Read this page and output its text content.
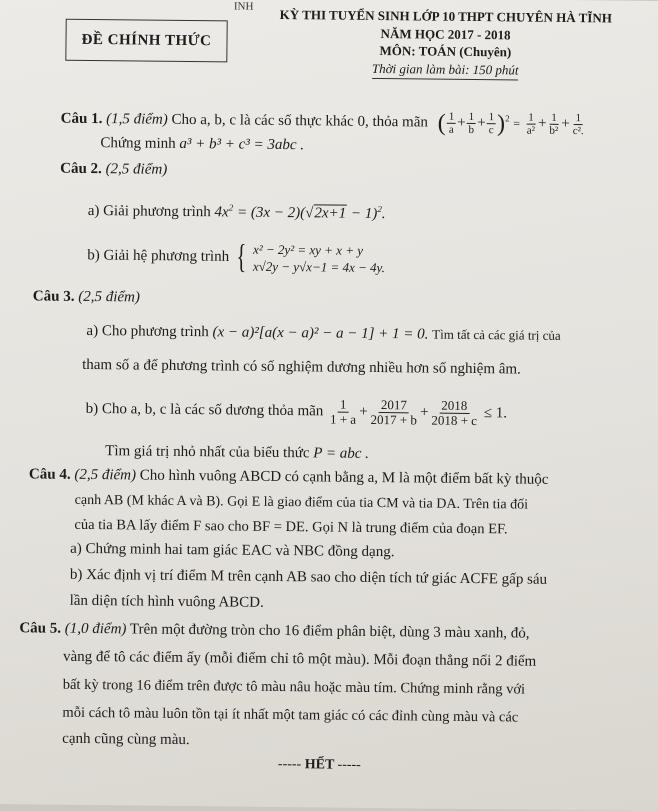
INH
ĐỀ CHÍNH THỨC
KỲ THI TUYỂN SINH LỚP 10 THPT CHUYÊN HÀ TĨNH
NĂM HỌC 2017 - 2018
MÔN: TOÁN (Chuyên)
Thời gian làm bài: 150 phút
Câu 1. (1,5 điểm) Cho a, b, c là các số thực khác 0, thỏa mãn ( $\frac{1}{a} + \frac{1}{b} + \frac{1}{c} )^2 = \frac{1}{\text{a²}} + \frac{1}{\text{b²}} + \frac{1}{\text{c².}}$
Chứng minh a³ + b³ + c³ = 3abc .
Câu 2. (2,5 điểm)
a) Giải phương trình $4x^2 = (3x - 2)(√2x+1 - 1)^2$.
b) Giải hệ phương trình { x² − 2y² = xy + x + y
x√2y − y√x−1 = 4x − 4y.
Câu 3. (2,5 điểm)
a) Cho phương trình (x − a)²[a(x − a)² − a − 1] + 1 = 0. Tìm tất cả các giá trị của
tham số a để phương trình có số nghiệm dương nhiều hơn số nghiệm âm.
b) Cho a, b, c là các số dương thỏa mãn $\frac{1}{1 + a} + \frac{2017}{2017 + b} + \frac{2018}{2018 + c} \le 1$.
Tìm giá trị nhỏ nhất của biểu thức P = abc .
Câu 4. (2,5 điểm) Cho hình vuông ABCD có cạnh bằng a, M là một điểm bất kỳ thuộc
cạnh AB (M khác A và B). Gọi E là giao điểm của tia CM và tia DA. Trên tia đối
của tia BA lấy điểm F sao cho BF = DE. Gọi N là trung điểm của đoạn EF.
a) Chứng minh hai tam giác EAC và NBC đồng dạng.
b) Xác định vị trí điểm M trên cạnh AB sao cho diện tích tứ giác ACFE gấp sáu
lần diện tích hình vuông ABCD.
Câu 5. (1,0 điểm) Trên một đường tròn cho 16 điểm phân biệt, dùng 3 màu xanh, đỏ,
vàng để tô các điểm ấy (mỗi điểm chỉ tô một màu). Mỗi đoạn thẳng nối 2 điểm
bất kỳ trong 16 điểm trên được tô màu nâu hoặc màu tím. Chứng minh rằng với
mỗi cách tô màu luôn tồn tại ít nhất một tam giác có các đỉnh cùng màu và các
cạnh cũng cùng màu.
----- HẾT -----
